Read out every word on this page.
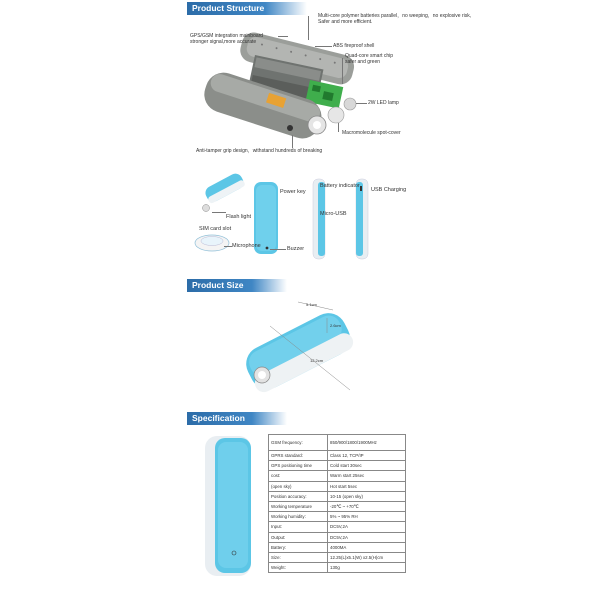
Product Structure
Multi-core polymer batteries parallel，no weeping，no explosive risk,
Safer and more efficient.
GPS/GSM integration mainboard
stronger signal,more accurate
ABS fireproof shell
Quad-core smart chip
safer and green
2W LED lamp
Macromolecule spot-cover
Anti-tamper grip design，withstand hundreds of breaking
Flash light
Power key
Battery indicator
USB Charging
Micro-USB
SIM card slot
Microphone	Buzzer
Product Size
5.1cm
2.6cm
12.2cm
Specification
GSM frequency:	850/900/1800/1900MHz
GPRS standard:	Class 12, TCP/IP
GPS positioning time	Cold start 30sec
cost:	Warm start 25sec
(open sky)	Hot start 5sec
Position accuracy:	10-15 (open sky)
Working temperature	-20℃ ~ +70℃
Working humidity:	5% ~ 95% RH
Input:	DC5V,2A
Output:	DC5V,2A
Battery:	4000MA
Size:	12.25(L)x5.1(W) x2.5(H)cm
Weight:	130g
